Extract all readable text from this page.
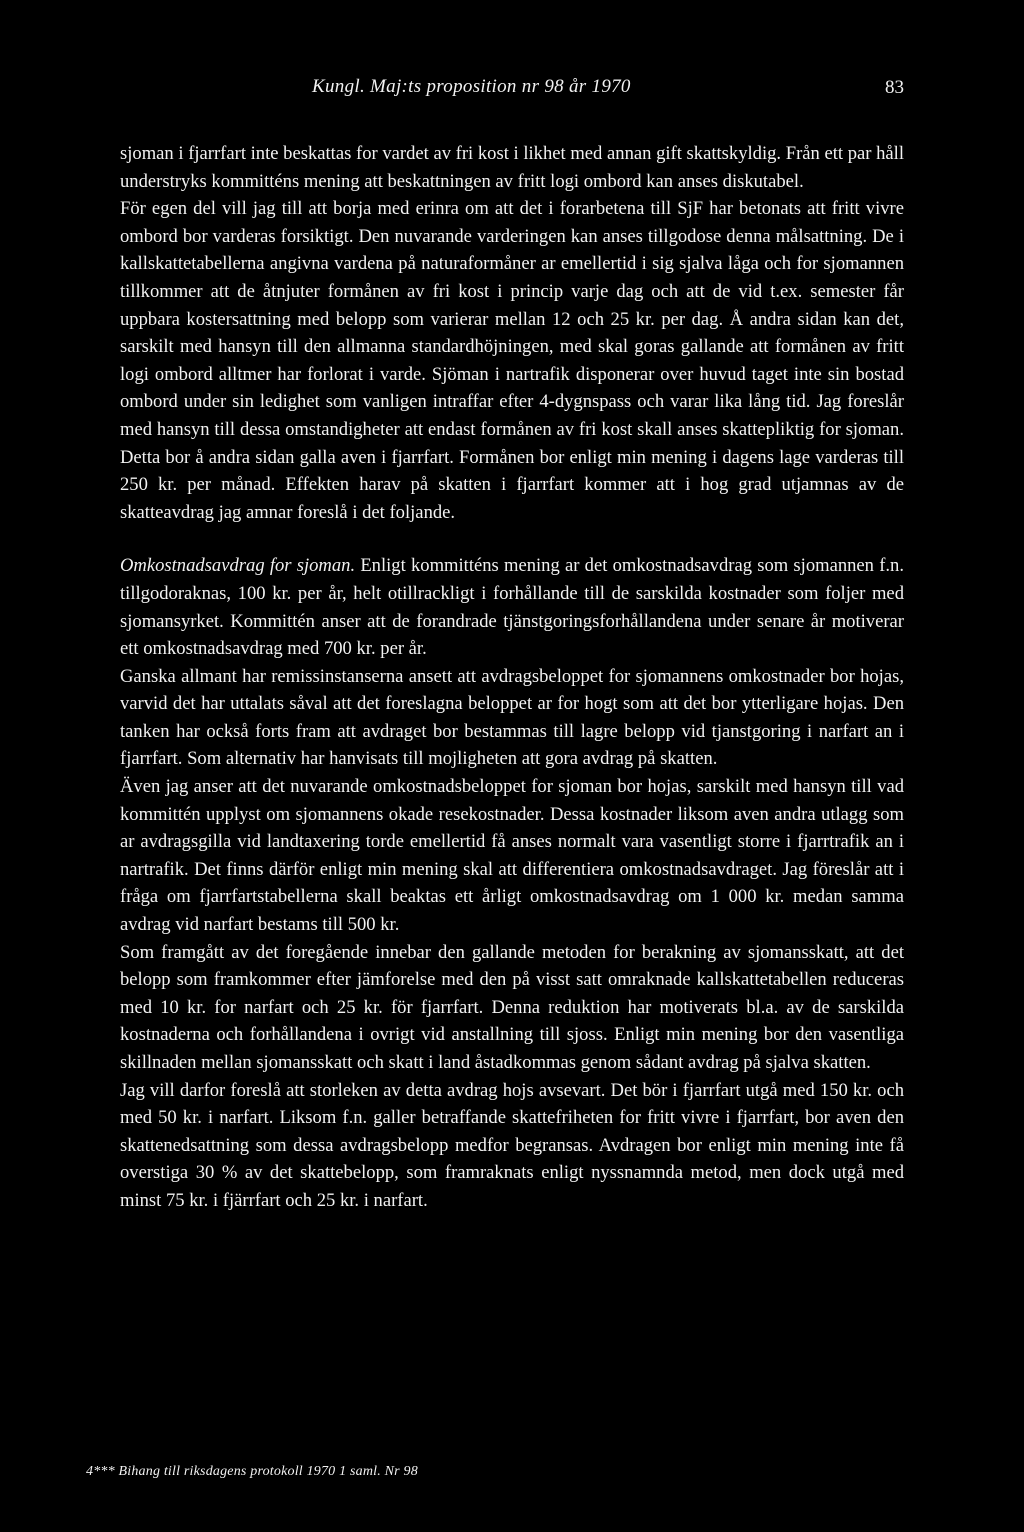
Kungl. Maj:ts proposition nr 98 år 1970	83

sjoman i fjarrfart inte beskattas for vardet av fri kost i likhet med annan gift skattskyldig. Från ett par håll understryks kommitténs mening att beskattningen av fritt logi ombord kan anses diskutabel.

För egen del vill jag till att borja med erinra om att det i forarbetena till SjF har betonats att fritt vivre ombord bor varderas forsiktigt. Den nuvarande varderingen kan anses tillgodose denna målsattning. De i kallskattetabellerna angivna vardena på naturaformåner ar emellertid i sig sjalva låga och for sjomannen tillkommer att de åtnjuter formånen av fri kost i princip varje dag och att de vid t.ex. semester får uppbara kostersattning med belopp som varierar mellan 12 och 25 kr. per dag. Å andra sidan kan det, sarskilt med hansyn till den allmanna standardhöjningen, med skal goras gallande att formånen av fritt logi ombord alltmer har forlorat i varde. Sjöman i nartrafik disponerar over huvud taget inte sin bostad ombord under sin ledighet som vanligen intraffar efter 4-dygnspass och varar lika lång tid. Jag foreslår med hansyn till dessa omstandigheter att endast formånen av fri kost skall anses skattepliktig for sjoman. Detta bor å andra sidan galla aven i fjarrfart. Formånen bor enligt min mening i dagens lage varderas till 250 kr. per månad. Effekten harav på skatten i fjarrfart kommer att i hog grad utjamnas av de skatteavdrag jag amnar foreslå i det foljande.

Omkostnadsavdrag for sjoman. Enligt kommitténs mening ar det omkostnadsavdrag som sjomannen f.n. tillgodoraknas, 100 kr. per år, helt otillrackligt i forhållande till de sarskilda kostnader som foljer med sjomansyrket. Kommittén anser att de forandrade tjänstgoringsforhållandena under senare år motiverar ett omkostnadsavdrag med 700 kr. per år.

Ganska allmant har remissinstanserna ansett att avdragsbeloppet for sjomannens omkostnader bor hojas, varvid det har uttalats såval att det foreslagna beloppet ar for hogt som att det bor ytterligare hojas. Den tanken har också forts fram att avdraget bor bestammas till lagre belopp vid tjanstgoring i narfart an i fjarrfart. Som alternativ har hanvisats till mojligheten att gora avdrag på skatten.

Även jag anser att det nuvarande omkostnadsbeloppet for sjoman bor hojas, sarskilt med hansyn till vad kommittén upplyst om sjomannens okade resekostnader. Dessa kostnader liksom aven andra utlagg som ar avdragsgilla vid landtaxering torde emellertid få anses normalt vara vasentligt storre i fjarrtrafik an i nartrafik. Det finns därför enligt min mening skal att differentiera omkostnadsavdraget. Jag föreslår att i fråga om fjarrfartstabellerna skall beaktas ett årligt omkostnadsavdrag om 1 000 kr. medan samma avdrag vid narfart bestams till 500 kr.

Som framgått av det foregående innebar den gallande metoden for berakning av sjomansskatt, att det belopp som framkommer efter jämforelse med den på visst satt omraknade kallskattetabellen reduceras med 10 kr. for narfart och 25 kr. för fjarrfart. Denna reduktion har motiverats bl.a. av de sarskilda kostnaderna och forhållandena i ovrigt vid anstallning till sjoss. Enligt min mening bor den vasentliga skillnaden mellan sjomansskatt och skatt i land åstadkommas genom sådant avdrag på sjalva skatten.

Jag vill darfor foreslå att storleken av detta avdrag hojs avsevart. Det bör i fjarrfart utgå med 150 kr. och med 50 kr. i narfart. Liksom f.n. galler betraffande skattefriheten for fritt vivre i fjarrfart, bor aven den skattenedsattning som dessa avdragsbelopp medfor begransas. Avdragen bor enligt min mening inte få overstiga 30 % av det skattebelopp, som framraknats enligt nyssnamnda metod, men dock utgå med minst 75 kr. i fjärrfart och 25 kr. i narfart.

4*** Bihang till riksdagens protokoll 1970 1 saml. Nr 98
